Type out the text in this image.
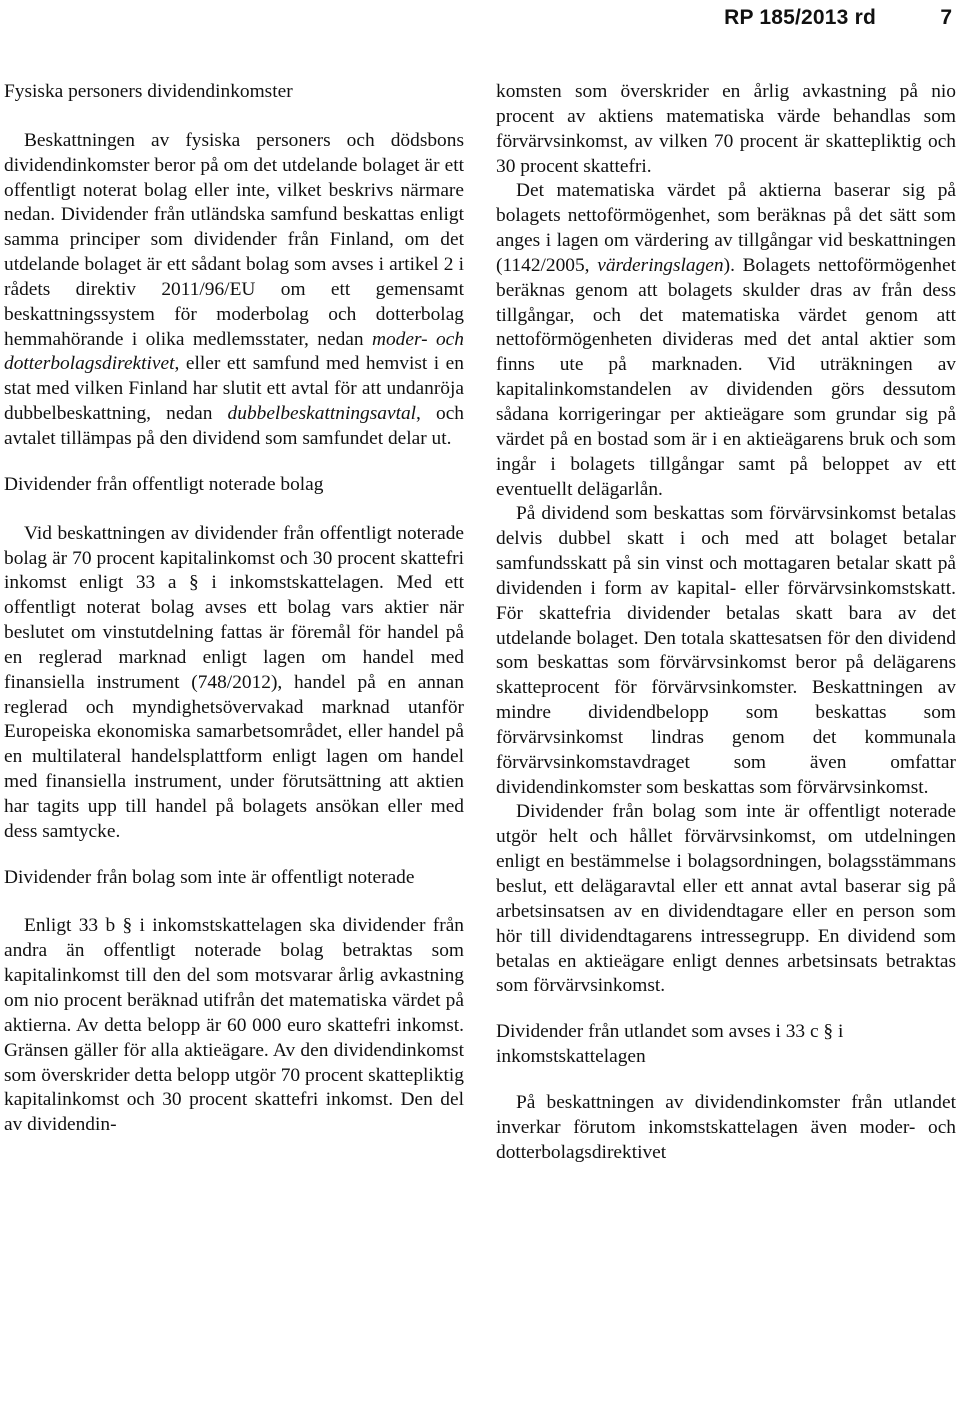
RP 185/2013 rd	7
Fysiska personers dividendinkomster

Beskattningen av fysiska personers och dödsbons dividendinkomster beror på om det utdelande bolaget är ett offentligt noterat bolag eller inte, vilket beskrivs närmare nedan. Dividender från utländska samfund beskattas enligt samma principer som dividender från Finland, om det utdelande bolaget är ett sådant bolag som avses i artikel 2 i rådets direktiv 2011/96/EU om ett gemensamt beskattningssystem för moderbolag och dotterbolag hemmahörande i olika medlemsstater, nedan moder- och dotterbolagsdirektivet, eller ett samfund med hemvist i en stat med vilken Finland har slutit ett avtal för att undanröja dubbelbeskattning, nedan dubbelbeskattningsavtal, och avtalet tillämpas på den dividend som samfundet delar ut.

Dividender från offentligt noterade bolag

Vid beskattningen av dividender från offentligt noterade bolag är 70 procent kapitalinkomst och 30 procent skattefri inkomst enligt 33 a § i inkomstskattelagen. Med ett offentligt noterat bolag avses ett bolag vars aktier när beslutet om vinstutdelning fattas är föremål för handel på en reglerad marknad enligt lagen om handel med finansiella instrument (748/2012), handel på en annan reglerad och myndighetsövervakad marknad utanför Europeiska ekonomiska samarbetsområdet, eller handel på en multilateral handelsplattform enligt lagen om handel med finansiella instrument, under förutsättning att aktien har tagits upp till handel på bolagets ansökan eller med dess samtycke.

Dividender från bolag som inte är offentligt noterade

Enligt 33 b § i inkomstskattelagen ska dividender från andra än offentligt noterade bolag betraktas som kapitalinkomst till den del som motsvarar årlig avkastning om nio procent beräknad utifrån det matematiska värdet på aktierna. Av detta belopp är 60 000 euro skattefri inkomst. Gränsen gäller för alla aktieägare. Av den dividendinkomst som överskrider detta belopp utgör 70 procent skattepliktig kapitalinkomst och 30 procent skattefri inkomst. Den del av dividendin-

komsten som överskrider en årlig avkastning på nio procent av aktiens matematiska värde behandlas som förvärvsinkomst, av vilken 70 procent är skattepliktig och 30 procent skattefri.

Det matematiska värdet på aktierna baserar sig på bolagets nettoförmögenhet, som beräknas på det sätt som anges i lagen om värdering av tillgångar vid beskattningen (1142/2005, värderingslagen). Bolagets nettoförmögenhet beräknas genom att bolagets skulder dras av från dess tillgångar, och det matematiska värdet genom att nettoförmögenheten divideras med det antal aktier som finns ute på marknaden. Vid uträkningen av kapitalinkomstandelen av dividenden görs dessutom sådana korrigeringar per aktieägare som grundar sig på värdet på en bostad som är i en aktieägarens bruk och som ingår i bolagets tillgångar samt på beloppet av ett eventuellt delägarlån.

På dividend som beskattas som förvärvsinkomst betalas delvis dubbel skatt i och med att bolaget betalar samfundsskatt på sin vinst och mottagaren betalar skatt på dividenden i form av kapital- eller förvärvsinkomstskatt. För skattefria dividender betalas skatt bara av det utdelande bolaget. Den totala skattesatsen för den dividend som beskattas som förvärvsinkomst beror på delägarens skatteprocent för förvärvsinkomster. Beskattningen av mindre dividendbelopp som beskattas som förvärvsinkomst lindras genom det kommunala förvärvsinkomstavdraget som även omfattar dividendinkomster som beskattas som förvärvsinkomst.

Dividender från bolag som inte är offentligt noterade utgör helt och hållet förvärvsinkomst, om utdelningen enligt en bestämmelse i bolagsordningen, bolagsstämmans beslut, ett delägaravtal eller ett annat avtal baserar sig på arbetsinsatsen av en dividendtagare eller en person som hör till dividendtagarens intressegrupp. En dividend som betalas en aktieägare enligt dennes arbetsinsats betraktas som förvärvsinkomst.

Dividender från utlandet som avses i 33 c § i inkomstskattelagen

På beskattningen av dividendinkomster från utlandet inverkar förutom inkomstskattelagen även moder- och dotterbolagsdirektivet
